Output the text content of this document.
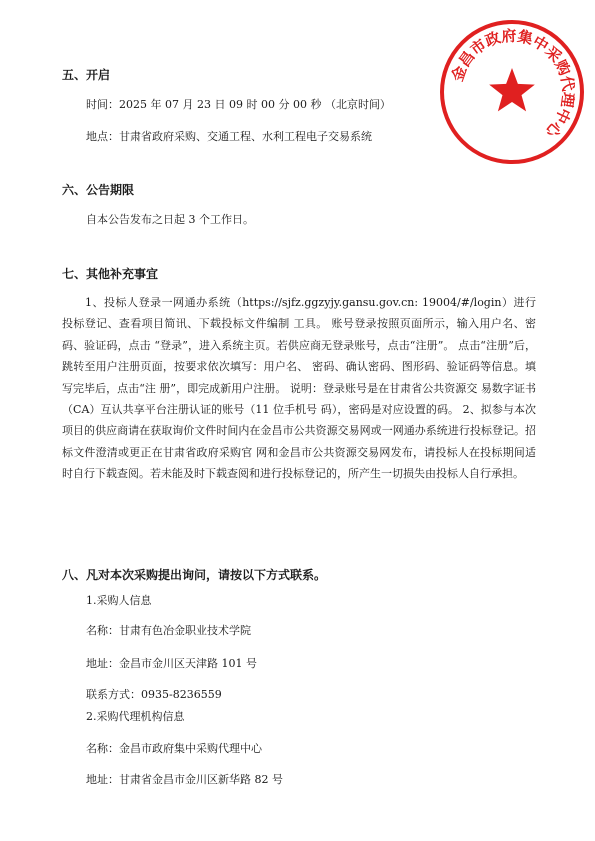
金昌市政府集中采购代理中心
五、开启
时间：2025 年 07 月 23 日 09 时 00 分 00 秒 （北京时间）
地点：甘肃省政府采购、交通工程、水利工程电子交易系统
六、公告期限
自本公告发布之日起 3 个工作日。
七、其他补充事宜
1、投标人登录一网通办系统（https://sjfz.ggzyjy.gansu.gov.cn: 19004/#/login）进行投标登记、查看项目简讯、下载投标文件编制 工具。 账号登录按照页面所示，输入用户名、密码、验证码，点击 “登录”，进入系统主页。若供应商无登录账号，点击“注册”。 点击“注册”后，跳转至用户注册页面，按要求依次填写：用户名、 密码、确认密码、图形码、验证码等信息。填写完毕后，点击“注 册”，即完成新用户注册。 说明：登录账号是在甘肃省公共资源交 易数字证书（CA）互认共享平台注册认证的账号（11 位手机号 码），密码是对应设置的码。 2、拟参与本次项目的供应商请在获取询价文件时间内在金昌市公共资源交易网或一网通办系统进行投标登记。招标文件澄清或更正在甘肃省政府采购官 网和金昌市公共资源交易网发布，请投标人在投标期间适时自行下载查阅。若未能及时下载查阅和进行投标登记的，所产生一切损失由投标人自行承担。
八、凡对本次采购提出询问，请按以下方式联系。
1.采购人信息
名称：甘肃有色冶金职业技术学院
地址：金昌市金川区天津路 101 号
联系方式：0935-8236559
2.采购代理机构信息
名称：金昌市政府集中采购代理中心
地址：甘肃省金昌市金川区新华路 82 号
